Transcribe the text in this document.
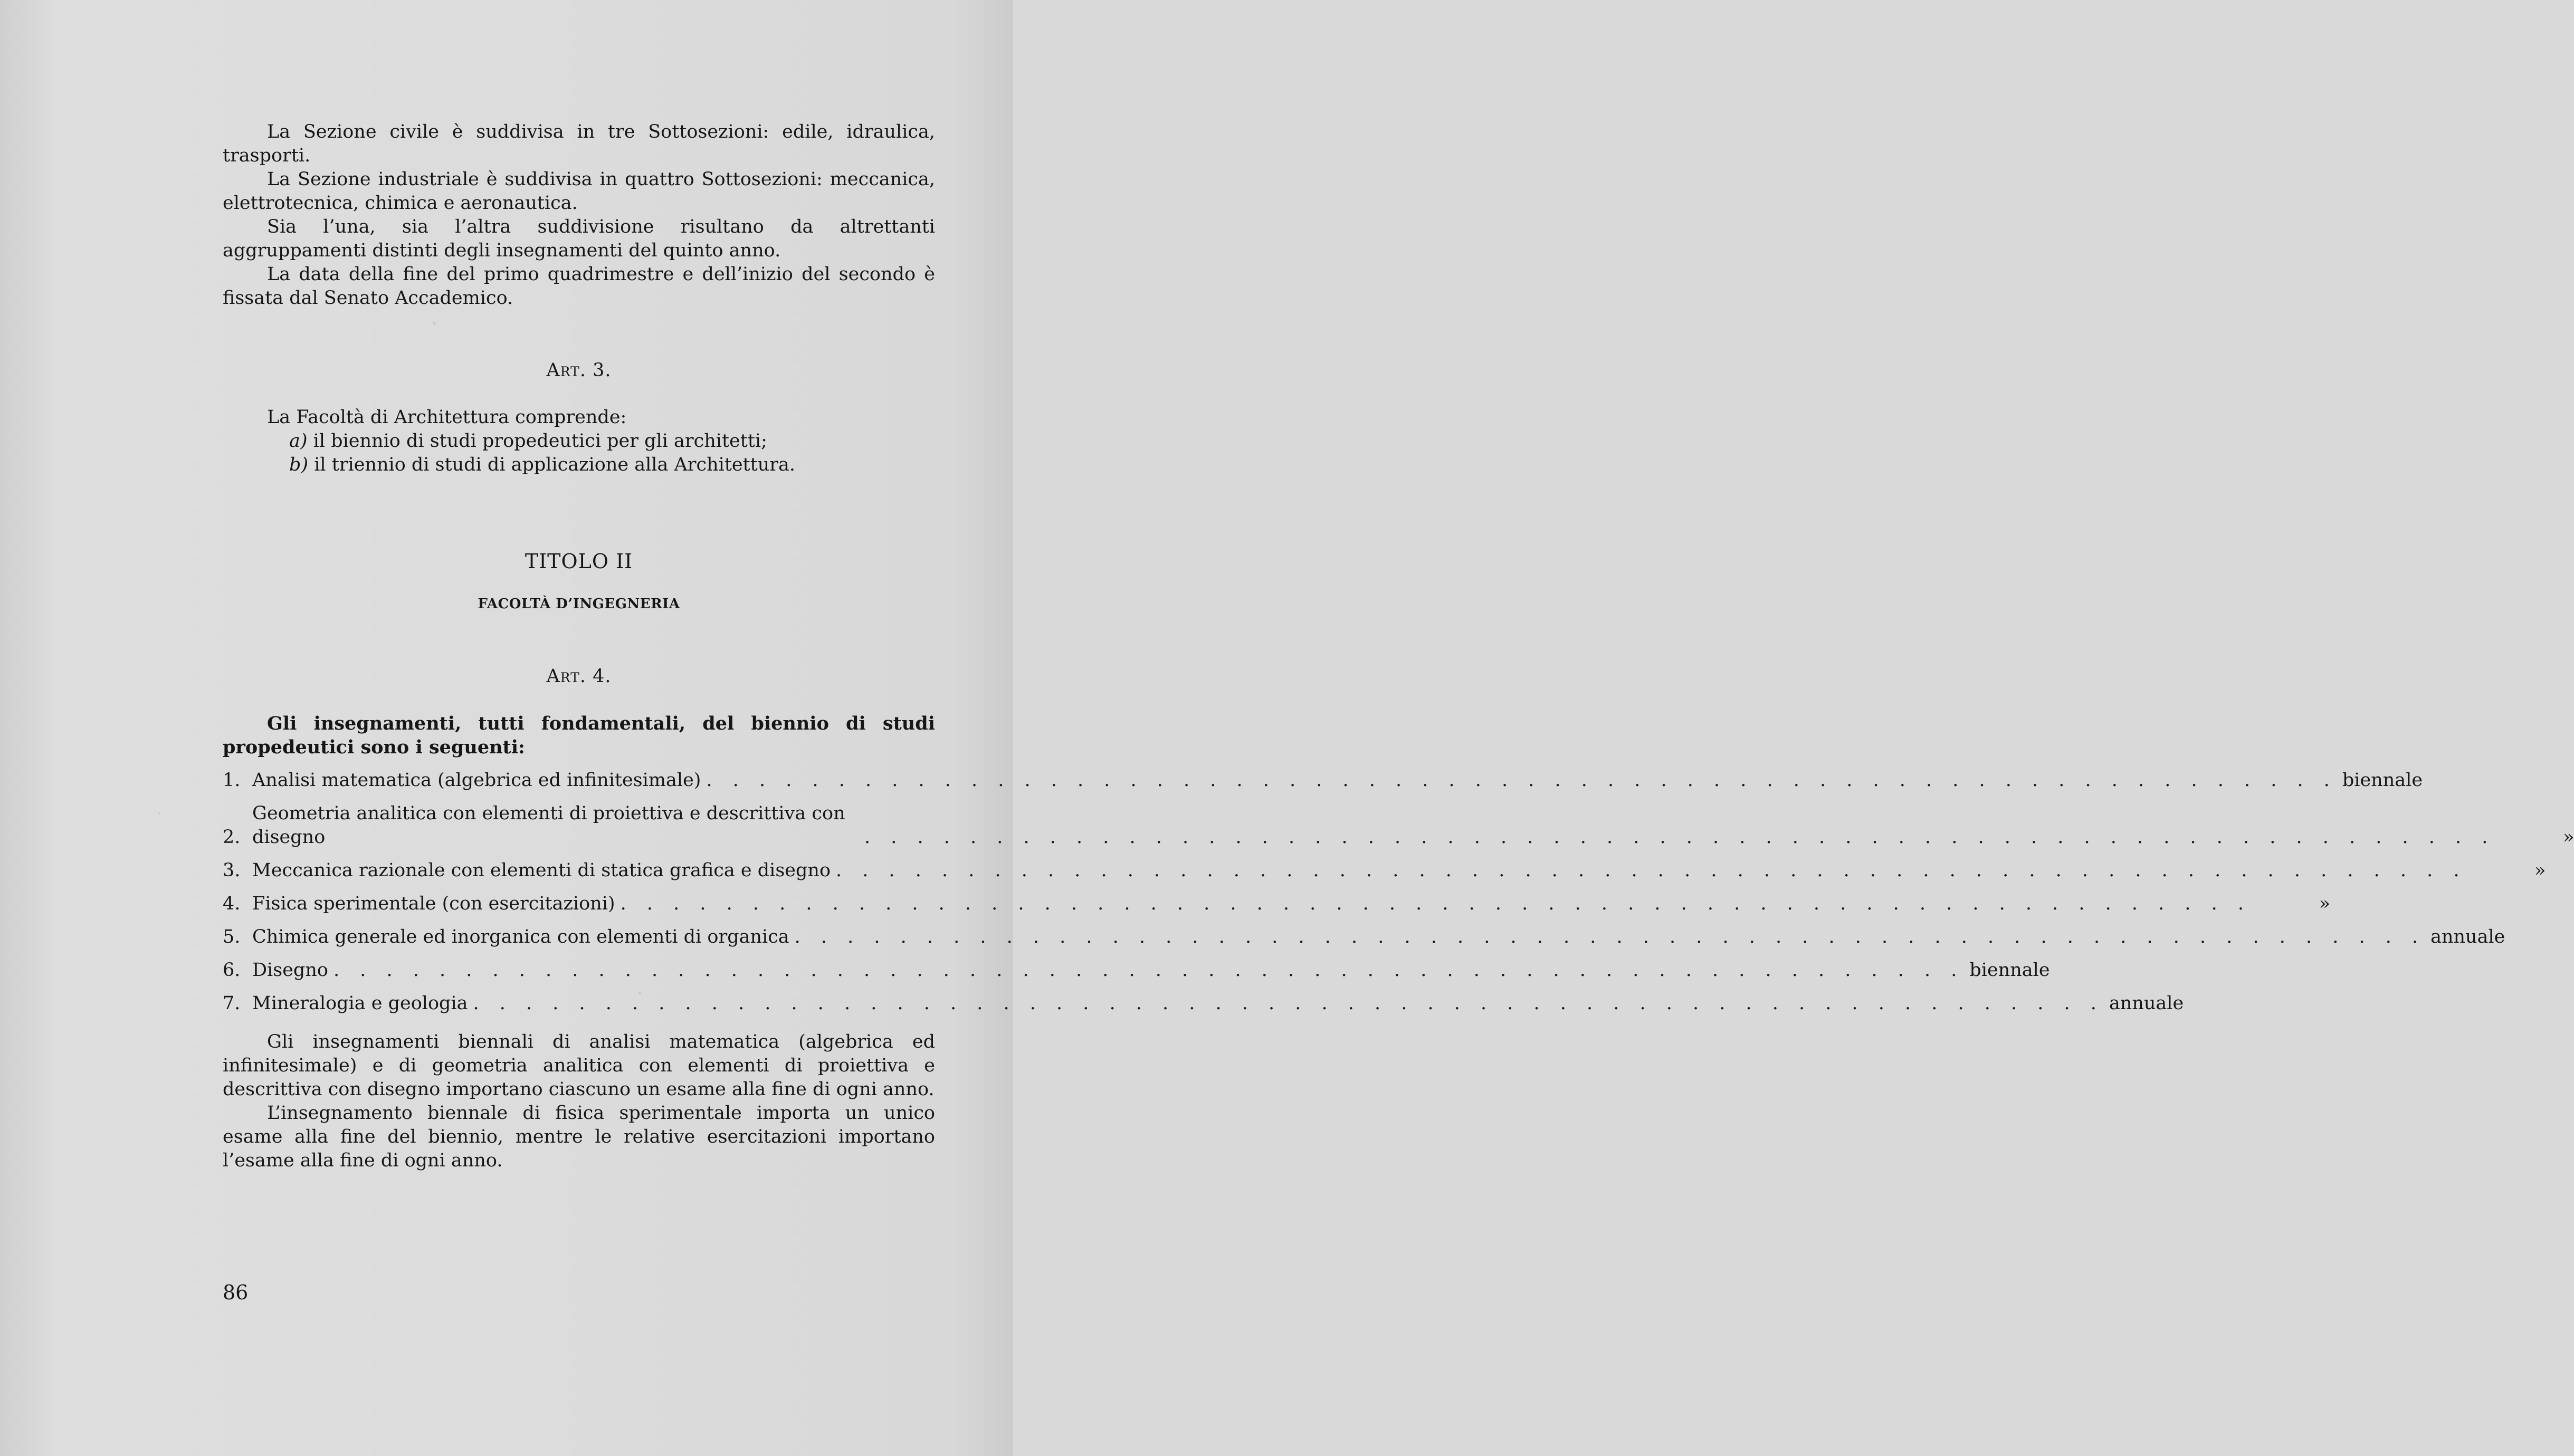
La Sezione civile è suddivisa in tre Sottosezioni: edile, idraulica, trasporti.

La Sezione industriale è suddivisa in quattro Sottosezioni: meccanica, elettrotecnica, chimica e aeronautica.

Sia l’una, sia l’altra suddivisione risultano da altrettanti aggruppamenti distinti degli insegnamenti del quinto anno.

La data della fine del primo quadrimestre e dell’inizio del secondo è fissata dal Senato Accademico.

Art. 3.

La Facoltà di Architettura comprende:

a) il biennio di studi propedeutici per gli architetti;
b) il triennio di studi di applicazione alla Architettura.

TITOLO II

FACOLTÀ D’INGEGNERIA

Art. 4.

Gli insegnamenti, tutti fondamentali, del biennio di studi propedeutici sono i seguenti:

1. Analisi matematica (algebrica ed infinitesimale) . . .	biennale
2.
Geometria analitica con elementi di proiettiva e descrittiva con disegno . . .	»
3. Meccanica razionale con elementi di statica grafica e disegno . . .	»
4. Fisica sperimentale (con esercitazioni) . . .	»
5. Chimica generale ed inorganica con elementi di organica . . .	annuale
6. Disegno . . .	biennale
7. Mineralogia e geologia . . .	annuale

Gli insegnamenti biennali di analisi matematica (algebrica ed infinitesimale) e di geometria analitica con elementi di proiettiva e descrittiva con disegno importano ciascuno un esame alla fine di ogni anno.

L’insegnamento biennale di fisica sperimentale importa un unico esame alla fine del biennio, mentre le relative esercitazioni importano l’esame alla fine di ogni anno.

86
